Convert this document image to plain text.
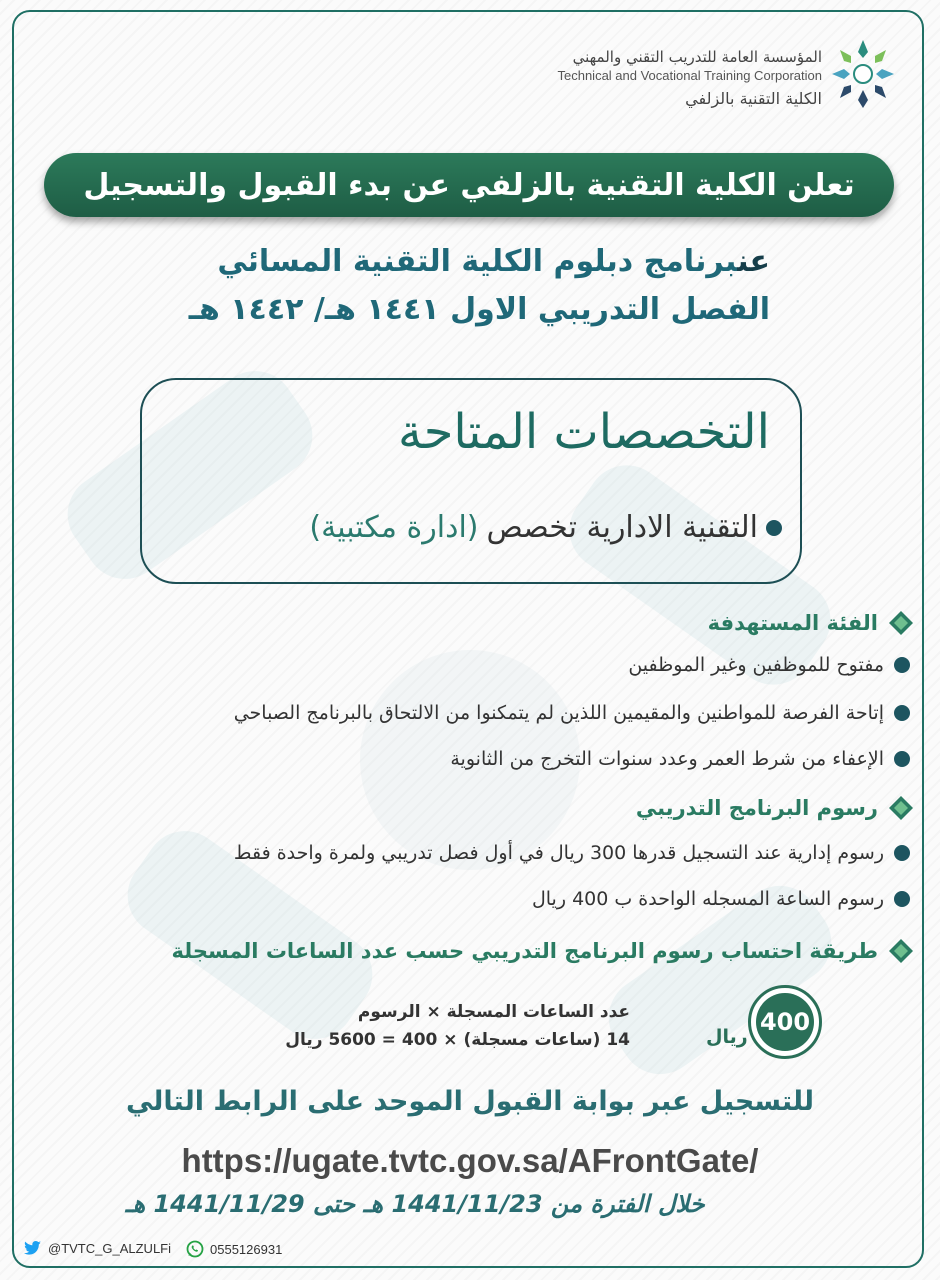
المؤسسة العامة للتدريب التقني والمهني
Technical and Vocational Training Corporation
الكلية التقنية بالزلفي
تعلن الكلية التقنية بالزلفي عن بدء القبول والتسجيل
عنبرنامج دبلوم الكلية التقنية المسائي
الفصل التدريبي الاول ١٤٤١ هـ/ ١٤٤٢ هـ
التخصصات المتاحة
التقنية الادارية تخصص
(ادارة مكتبية)
الفئة المستهدفة
مفتوح للموظفين وغير الموظفين
إتاحة الفرصة للمواطنين والمقيمين اللذين لم يتمكنوا من الالتحاق بالبرنامج الصباحي
الإعفاء من شرط العمر وعدد سنوات التخرج من الثانوية
رسوم البرنامج التدريبي
رسوم إدارية عند التسجيل قدرها 300 ريال في أول فصل تدريبي ولمرة واحدة فقط
رسوم الساعة المسجله الواحدة ب 400 ريال
طريقة احتساب رسوم البرنامج التدريبي حسب عدد الساعات المسجلة
400
ريال
عدد الساعات المسجلة × الرسوم
14 (ساعات مسجلة) × 400 = 5600 ريال
للتسجيل عبر بوابة القبول الموحد على الرابط التالي
https://ugate.tvtc.gov.sa/AFrontGate/
خلال الفترة من 1441/11/23 هـ حتى 1441/11/29 هـ
@TVTC_G_ALZULFi	0555126931
